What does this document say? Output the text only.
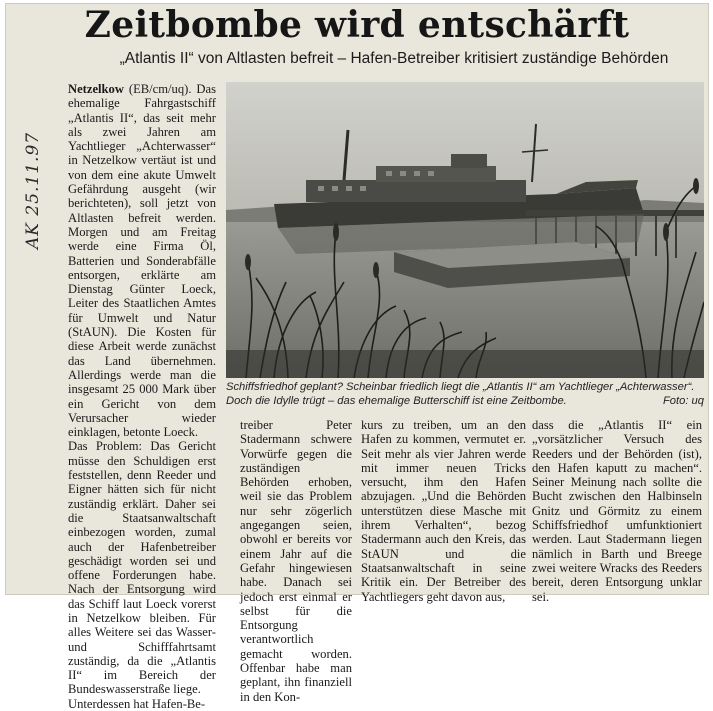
Zeitbombe wird entschärft
„Atlantis II“ von Altlasten befreit – Hafen-Betreiber kritisiert zuständige Behörden
AK 25.11.97

Netzelkow (EB/cm/uq). Das ehemalige Fahrgastschiff „Atlantis II“, das seit mehr als zwei Jahren am Yachtlieger „Achterwasser“ in Netzelkow vertäut ist und von dem eine akute Umwelt Gefährdung ausgeht (wir berichteten), soll jetzt von Altlasten befreit werden. Morgen und am Freitag werde eine Firma Öl, Batterien und Sonderabfälle entsorgen, erklärte am Dienstag Günter Loeck, Leiter des Staatlichen Amtes für Umwelt und Natur (StAUN). Die Kosten für diese Arbeit werde zunächst das Land übernehmen. Allerdings werde man die insgesamt 25 000 Mark über ein Gericht von dem Verursacher wieder einklagen, betonte Loeck.

Das Problem: Das Gericht müsse den Schuldigen erst feststellen, denn Reeder und Eigner hätten sich für nicht zuständig erklärt. Daher sei die Staatsanwaltschaft einbezogen worden, zumal auch der Hafenbetreiber geschädigt worden sei und offene Forderungen habe. Nach der Entsorgung wird das Schiff laut Loeck vorerst in Netzelkow bleiben. Für alles Weitere sei das Wasser- und Schifffahrtsamt zuständig, da die „Atlantis II“ im Bereich der Bundeswasserstraße liege.

Unterdessen hat Hafen-Be-

Schiffsfriedhof geplant? Scheinbar friedlich liegt die „Atlantis II“ am Yachtlieger „Achterwasser“.

Doch die Idylle trügt – das ehemalige Butterschiff ist eine Zeitbombe.	Foto: uq

treiber Peter Stadermann schwere Vorwürfe gegen die zuständigen Behörden erhoben, weil sie das Problem nur sehr zögerlich angegangen seien, obwohl er bereits vor einem Jahr auf die Gefahr hingewiesen habe. Danach sei jedoch erst einmal er selbst für die Entsorgung verantwortlich gemacht worden. Offenbar habe man geplant, ihn finanziell in den Kon-
kurs zu treiben, um an den Hafen zu kommen, vermutet er. Seit mehr als vier Jahren werde mit immer neuen Tricks versucht, ihm den Hafen abzujagen. „Und die Behörden unterstützen diese Masche mit ihrem Verhalten“, bezog Stadermann auch den Kreis, das StAUN und die Staatsanwaltschaft in seine Kritik ein. Der Betreiber des Yachtliegers geht davon aus,
dass die „Atlantis II“ ein „vorsätzlicher Versuch des Reeders und der Behörden (ist), den Hafen kaputt zu machen“. Seiner Meinung nach sollte die Bucht zwischen den Halbinseln Gnitz und Görmitz zu einem Schiffsfriedhof umfunktioniert werden. Laut Stadermann liegen nämlich in Barth und Breege zwei weitere Wracks des Reeders bereit, deren Entsorgung unklar sei.
